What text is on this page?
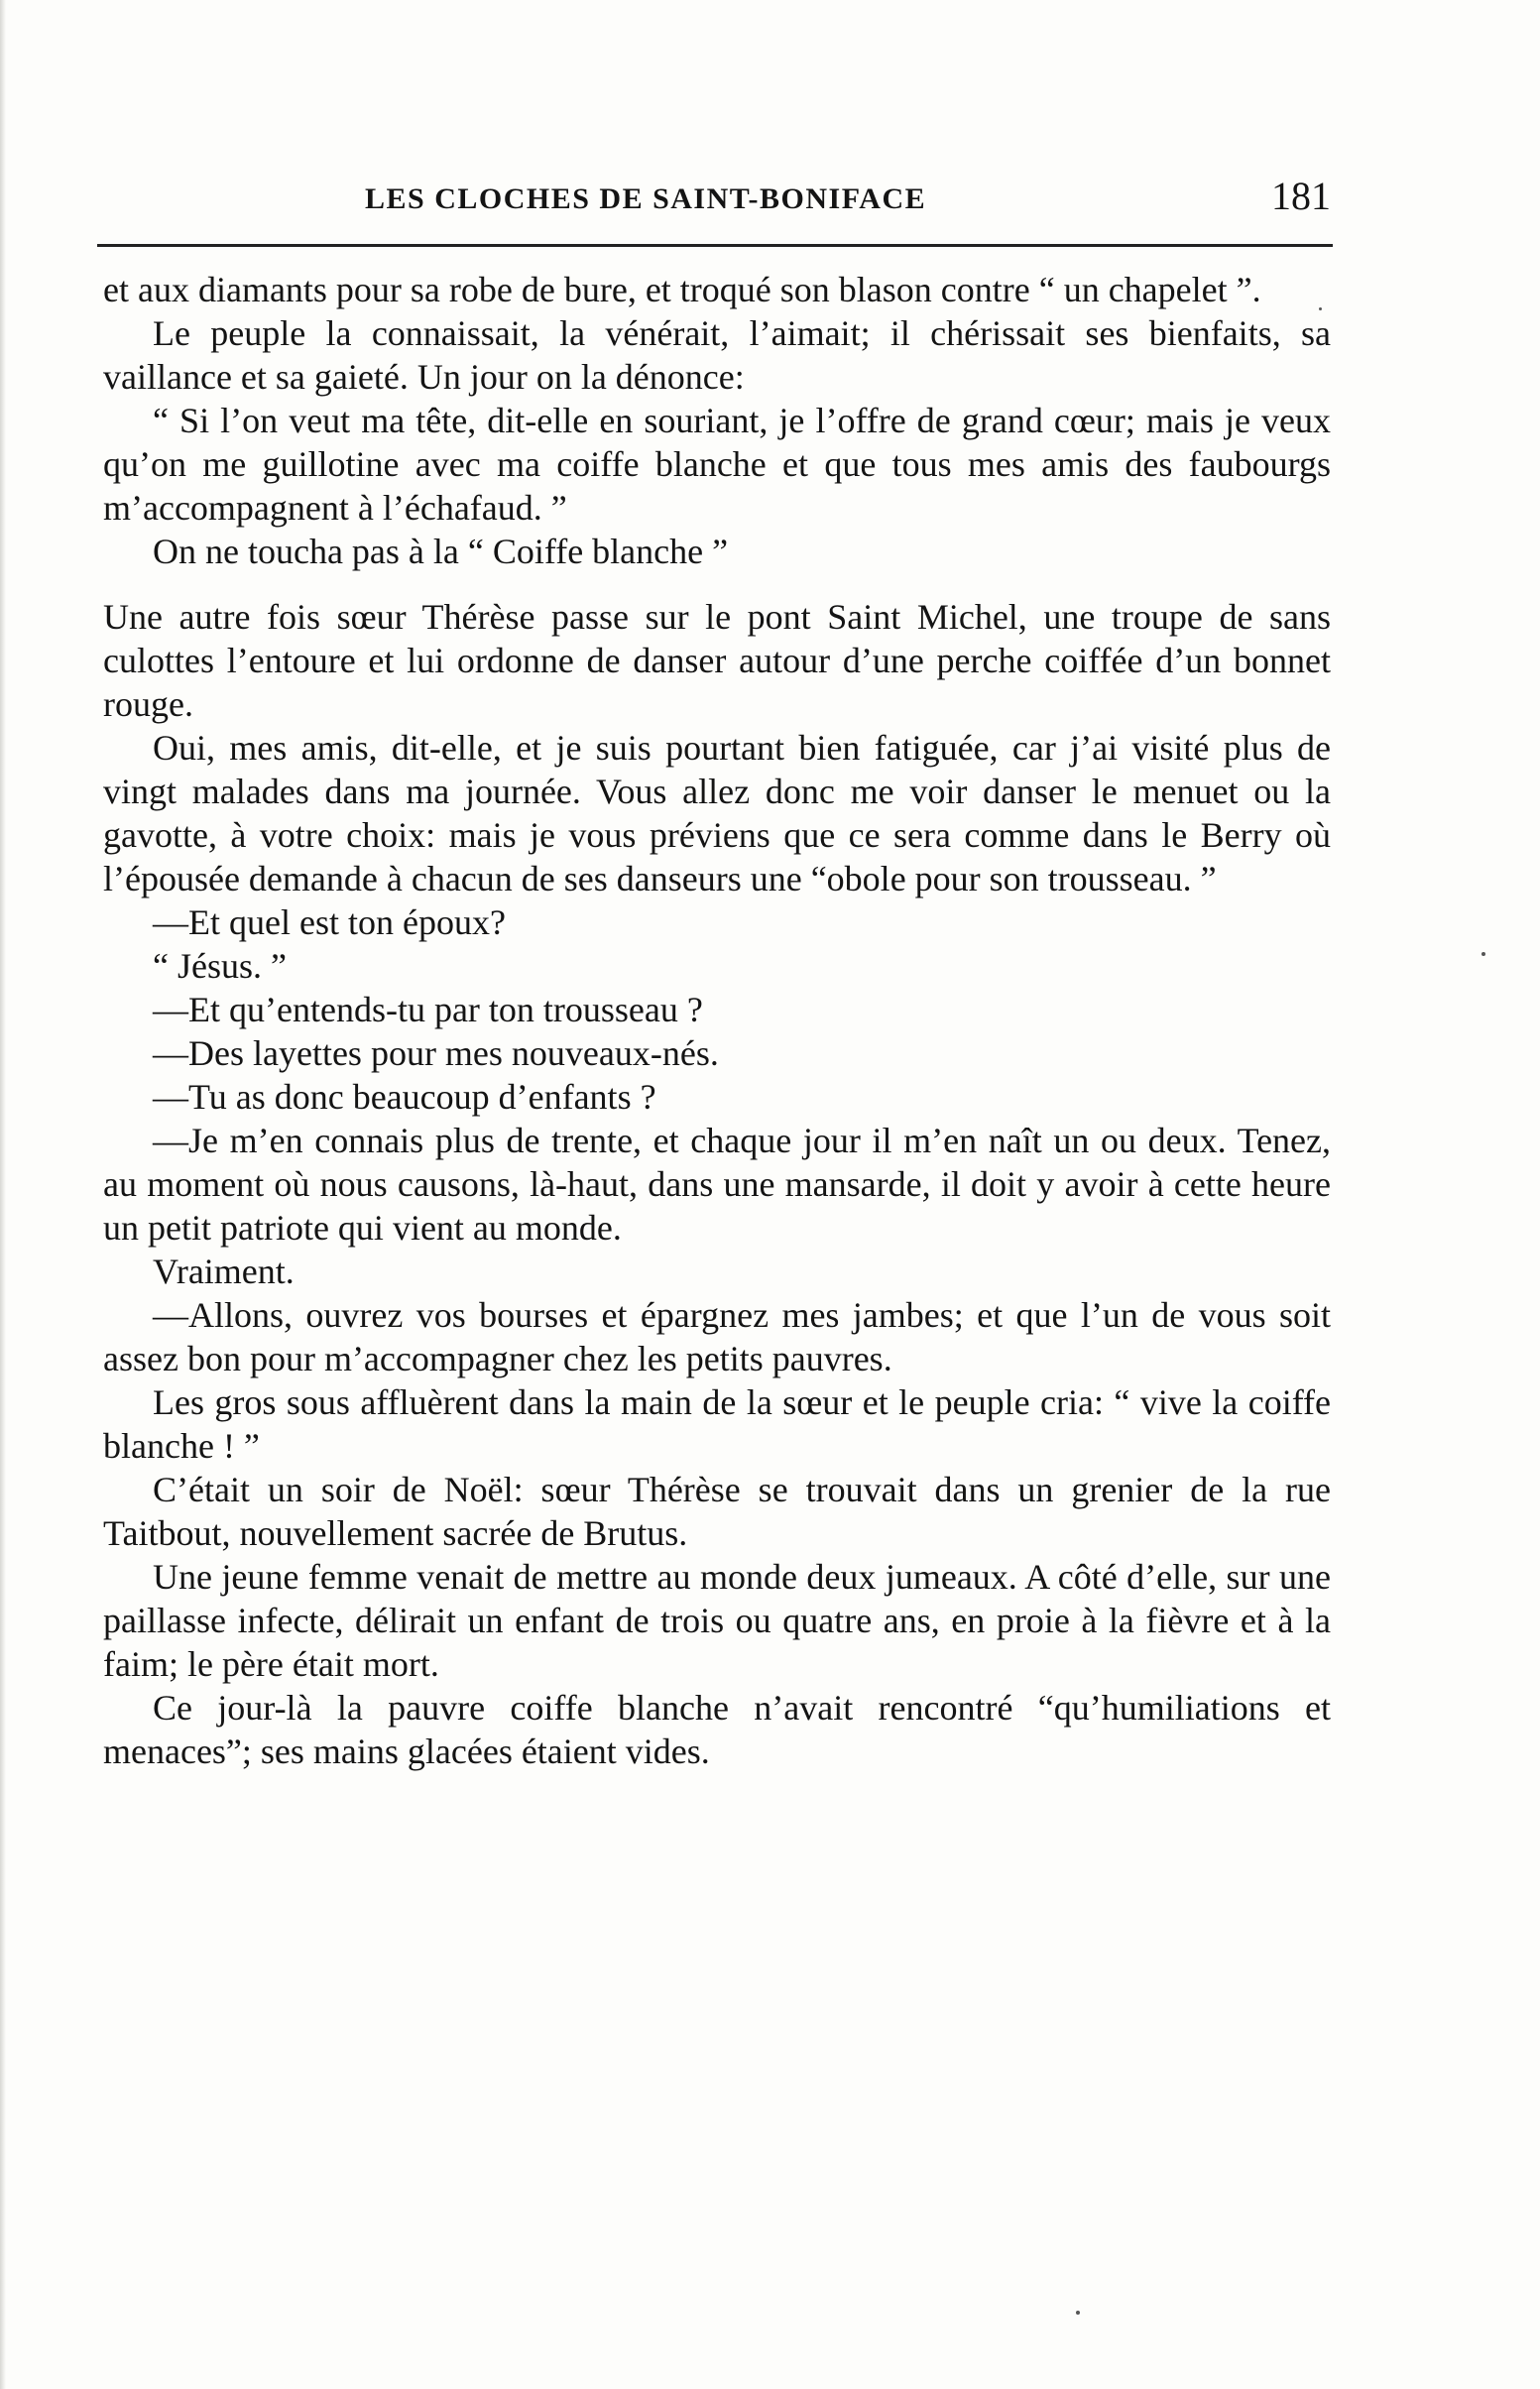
LES CLOCHES DE SAINT-BONIFACE	181

et aux diamants pour sa robe de bure, et troqué son blason contre “ un chapelet ”.

Le peuple la connaissait, la vénérait, l’aimait; il chérissait ses bienfaits, sa vaillance et sa gaieté. Un jour on la dénonce:

“ Si l’on veut ma tête, dit-elle en souriant, je l’offre de grand cœur; mais je veux qu’on me guillotine avec ma coiffe blanche et que tous mes amis des faubourgs m’accompagnent à l’échafaud. ”

On ne toucha pas à la “ Coiffe blanche ”

Une autre fois sœur Thérèse passe sur le pont Saint Michel, une troupe de sans culottes l’entoure et lui ordonne de danser autour d’une perche coiffée d’un bonnet rouge.

Oui, mes amis, dit-elle, et je suis pourtant bien fatiguée, car j’ai visité plus de vingt malades dans ma journée. Vous allez donc me voir danser le menuet ou la gavotte, à votre choix: mais je vous préviens que ce sera comme dans le Berry où l’épousée demande à chacun de ses danseurs une “obole pour son trousseau. ”

—Et quel est ton époux?

“ Jésus. ”

—Et qu’entends-tu par ton trousseau ?

—Des layettes pour mes nouveaux-nés.

—Tu as donc beaucoup d’enfants ?

—Je m’en connais plus de trente, et chaque jour il m’en naît un ou deux. Tenez, au moment où nous causons, là-haut, dans une mansarde, il doit y avoir à cette heure un petit patriote qui vient au monde.

Vraiment.

—Allons, ouvrez vos bourses et épargnez mes jambes; et que l’un de vous soit assez bon pour m’accompagner chez les petits pauvres.

Les gros sous affluèrent dans la main de la sœur et le peuple cria: “ vive la coiffe blanche ! ”

C’était un soir de Noël: sœur Thérèse se trouvait dans un grenier de la rue Taitbout, nouvellement sacrée de Brutus.

Une jeune femme venait de mettre au monde deux jumeaux. A côté d’elle, sur une paillasse infecte, délirait un enfant de trois ou quatre ans, en proie à la fièvre et à la faim; le père était mort.

Ce jour-là la pauvre coiffe blanche n’avait rencontré “qu’humiliations et menaces”; ses mains glacées étaient vides.
